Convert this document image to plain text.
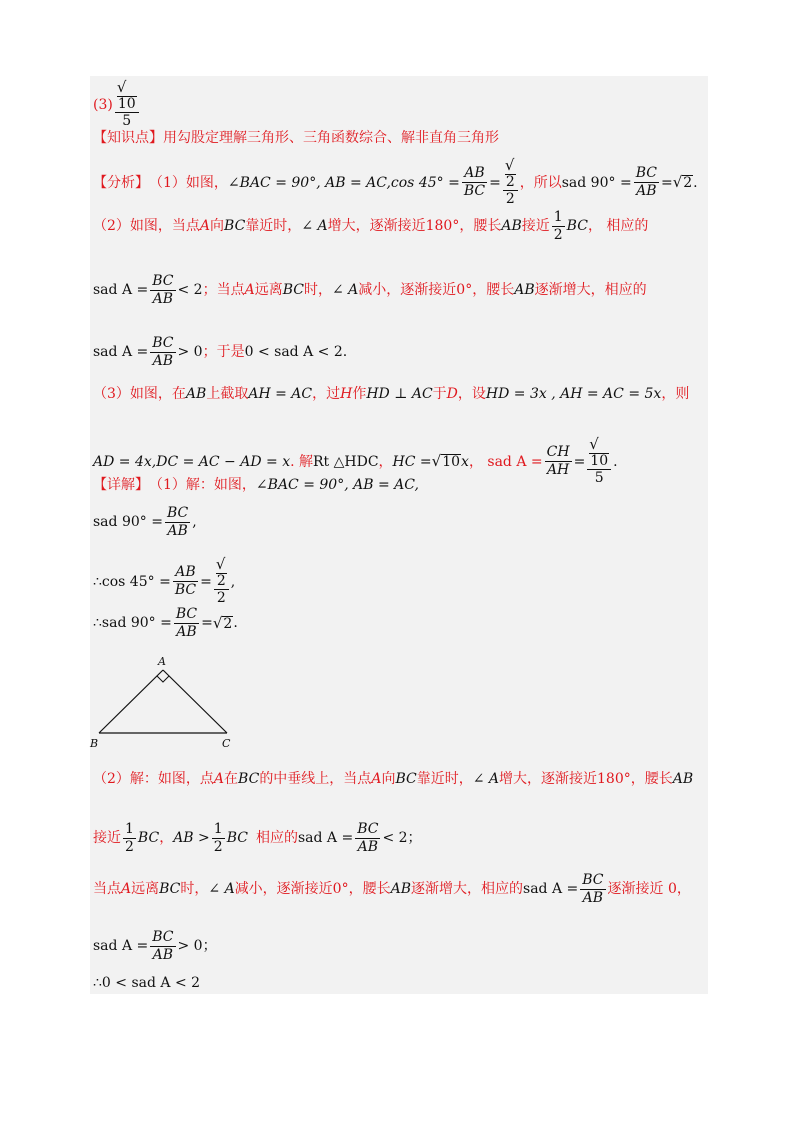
(3) √
10
5
【知识点】 用勾股定理解三角形、三角函数综合、解非直角三角形
【分析】 （1）如图， ∠BAC = 90°, AB = AC,cos $45^\circ = \frac{AB}{BC}$ = √
2
2 ，所以 sad $90^\circ = \frac{BC}{AB}$ = √ 2 .
（2）如图，当点 A 向 BC 靠近时， ∠ A 增大，逐渐接近180°，腰长 AB 接近 $\frac{1}{2}$ BC ， 相应的
sad $A = \frac{BC}{AB} < 2$ ；当点 A 远离 BC 时， ∠ A 减小，逐渐接近0°，腰长 AB 逐渐增大，相应的
sad $A = \frac{BC}{AB} > 0$ ；于是 0 < sad A < 2.
（3）如图，在 AB 上截取 AH = AC ，过 H 作 HD ⊥ AC 于 D ，设 HD = 3x , AH = AC = 5x ，则
AD = 4x,DC = AC − AD = x . 解 Rt △HDC ， HC = √ 10 x ， sad $A = \frac{CH}{AH}$ = √
10
5 .
【详解】 （1）解：如图， ∠BAC = 90°, AB = AC,
sad $90^\circ = \frac{BC}{AB}$ ,
∴cos $45^\circ = \frac{AB}{BC}$ = √
2
2 ,
∴sad $90^\circ = \frac{BC}{AB}$ = √ 2 .
A
B	C
（2）解：如图，点 A 在 BC 的中垂线上，当点 A 向 BC 靠近时， ∠ A 增大，逐渐接近180°，腰长 AB
接近 $\frac{1}{2}$ BC ， AB > $\frac{1}{2}$ BC 相应的 sad $A = \frac{BC}{AB} < 2$；
当点 A 远离 BC 时， ∠ A 减小，逐渐接近0°，腰长 AB 逐渐增大，相应的 sad $A = \frac{BC}{AB}$ 逐渐接近 0，
sad $A = \frac{BC}{AB} > 0$；
∴0 < sad A < 2
